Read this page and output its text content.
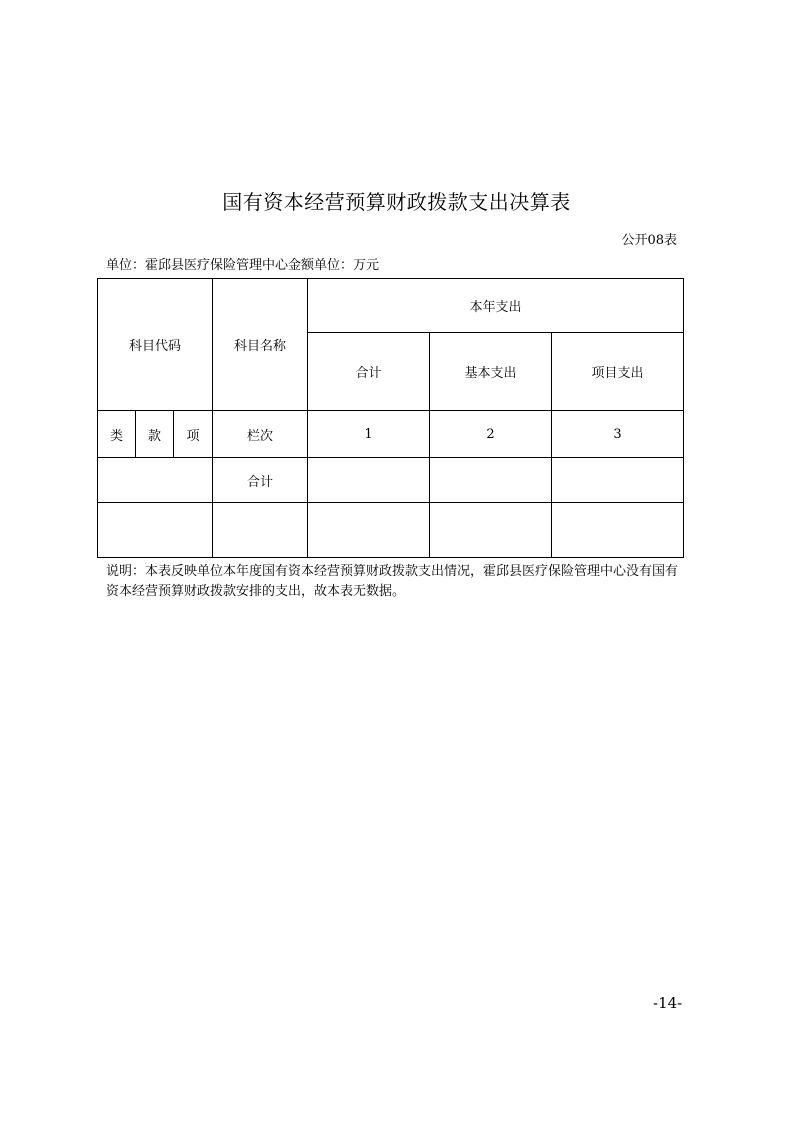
国有资本经营预算财政拨款支出决算表
公开08表
单位：霍邱县医疗保险管理中心金额单位：万元
科目代码			科目名称	本年支出		
				合计	基本支出	项目支出
类	款	项	栏次	1	2	3
			合计			

说明：本表反映单位本年度国有资本经营预算财政拨款支出情况，霍邱县医疗保险管理中心没有国有资本经营预算财政拨款安排的支出，故本表无数据。
-14-
